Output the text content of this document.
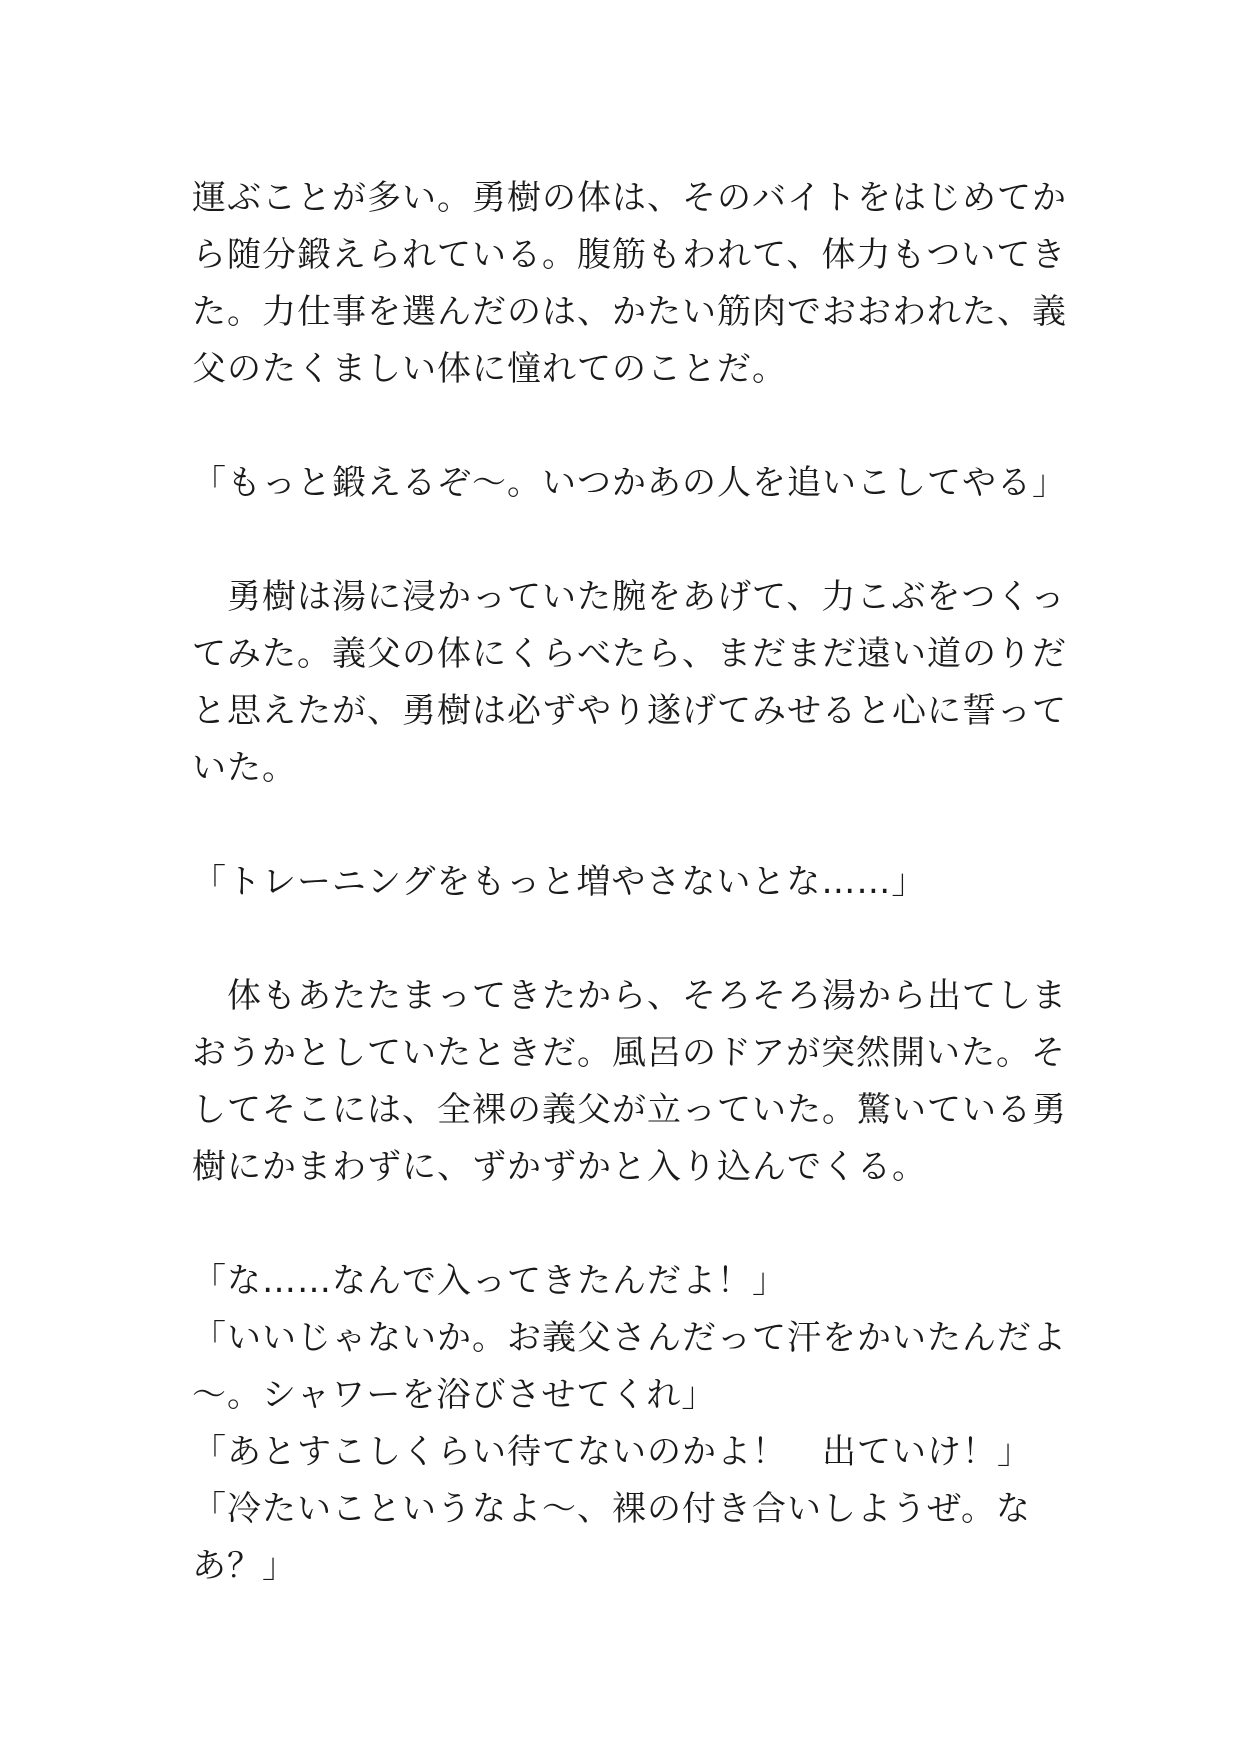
運ぶことが多い。勇樹の体は、そのバイトをはじめてか
ら随分鍛えられている。腹筋もわれて、体力もついてき
た。力仕事を選んだのは、かたい筋肉でおおわれた、義
父のたくましい体に憧れてのことだ。
「もっと鍛えるぞ〜。いつかあの人を追いこしてやる」
　勇樹は湯に浸かっていた腕をあげて、力こぶをつくっ
てみた。義父の体にくらべたら、まだまだ遠い道のりだ
と思えたが、勇樹は必ずやり遂げてみせると心に誓って
いた。
「トレーニングをもっと増やさないとな……」
　体もあたたまってきたから、そろそろ湯から出てしま
おうかとしていたときだ。風呂のドアが突然開いた。そ
してそこには、全裸の義父が立っていた。驚いている勇
樹にかまわずに、ずかずかと入り込んでくる。
「な……なんで入ってきたんだよ！」
「いいじゃないか。お義父さんだって汗をかいたんだよ
〜。シャワーを浴びさせてくれ」
「あとすこしくらい待てないのかよ！　出ていけ！」
「冷たいこというなよ〜、裸の付き合いしようぜ。な
あ？」
